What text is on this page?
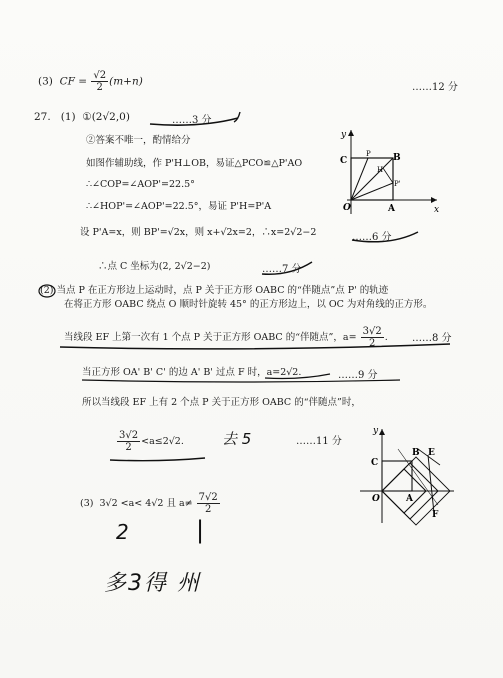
(3) CF = $\frac{√2}{2} (m+n)$	……12 分
27. (1) ①(2√2,0)	……3 分
②答案不唯一，酌情给分
如图作辅助线，作 P'H⊥OB，易证△PCO≌△P'AO
∴∠COP=∠AOP'=22.5°
∴∠HOP'=∠AOP'=22.5°，易证 P'H=P'A
设 P'A=x，则 BP'=√2x，则 x+√2x=2，∴x=2√2−2	……6 分
∴点 C 坐标为(2, 2√2−2)	……7 分
y
x
C
P B
H
P'
O	A
(2) 当点 P 在正方形边上运动时，点 P 关于正方形 OABC 的“伴随点”点 P' 的轨迹
在将正方形 OABC 绕点 O 顺时针旋转 45° 的正方形边上，以 OC 为对角线的正方形。
当线段 EF 上第一次有 1 个点 P 关于正方形 OABC 的“伴随点”，$a= \frac{3√2}{2}$ . ……8 分
当正方形 OA' B' C' 的边 A' B' 过点 F 时，a=2√2.	……9 分
所以当线段 EF 上有 2 个点 P 关于正方形 OABC 的“伴随点”时，
$\frac{3√2}{2} <a\le 2√2$.	去 5	……11 分
y
C
B E
A
F
O
(3) 3√2 <a< 4√2 且 $a\ne \frac{7√2}{2}$
2	|
多3得 州
